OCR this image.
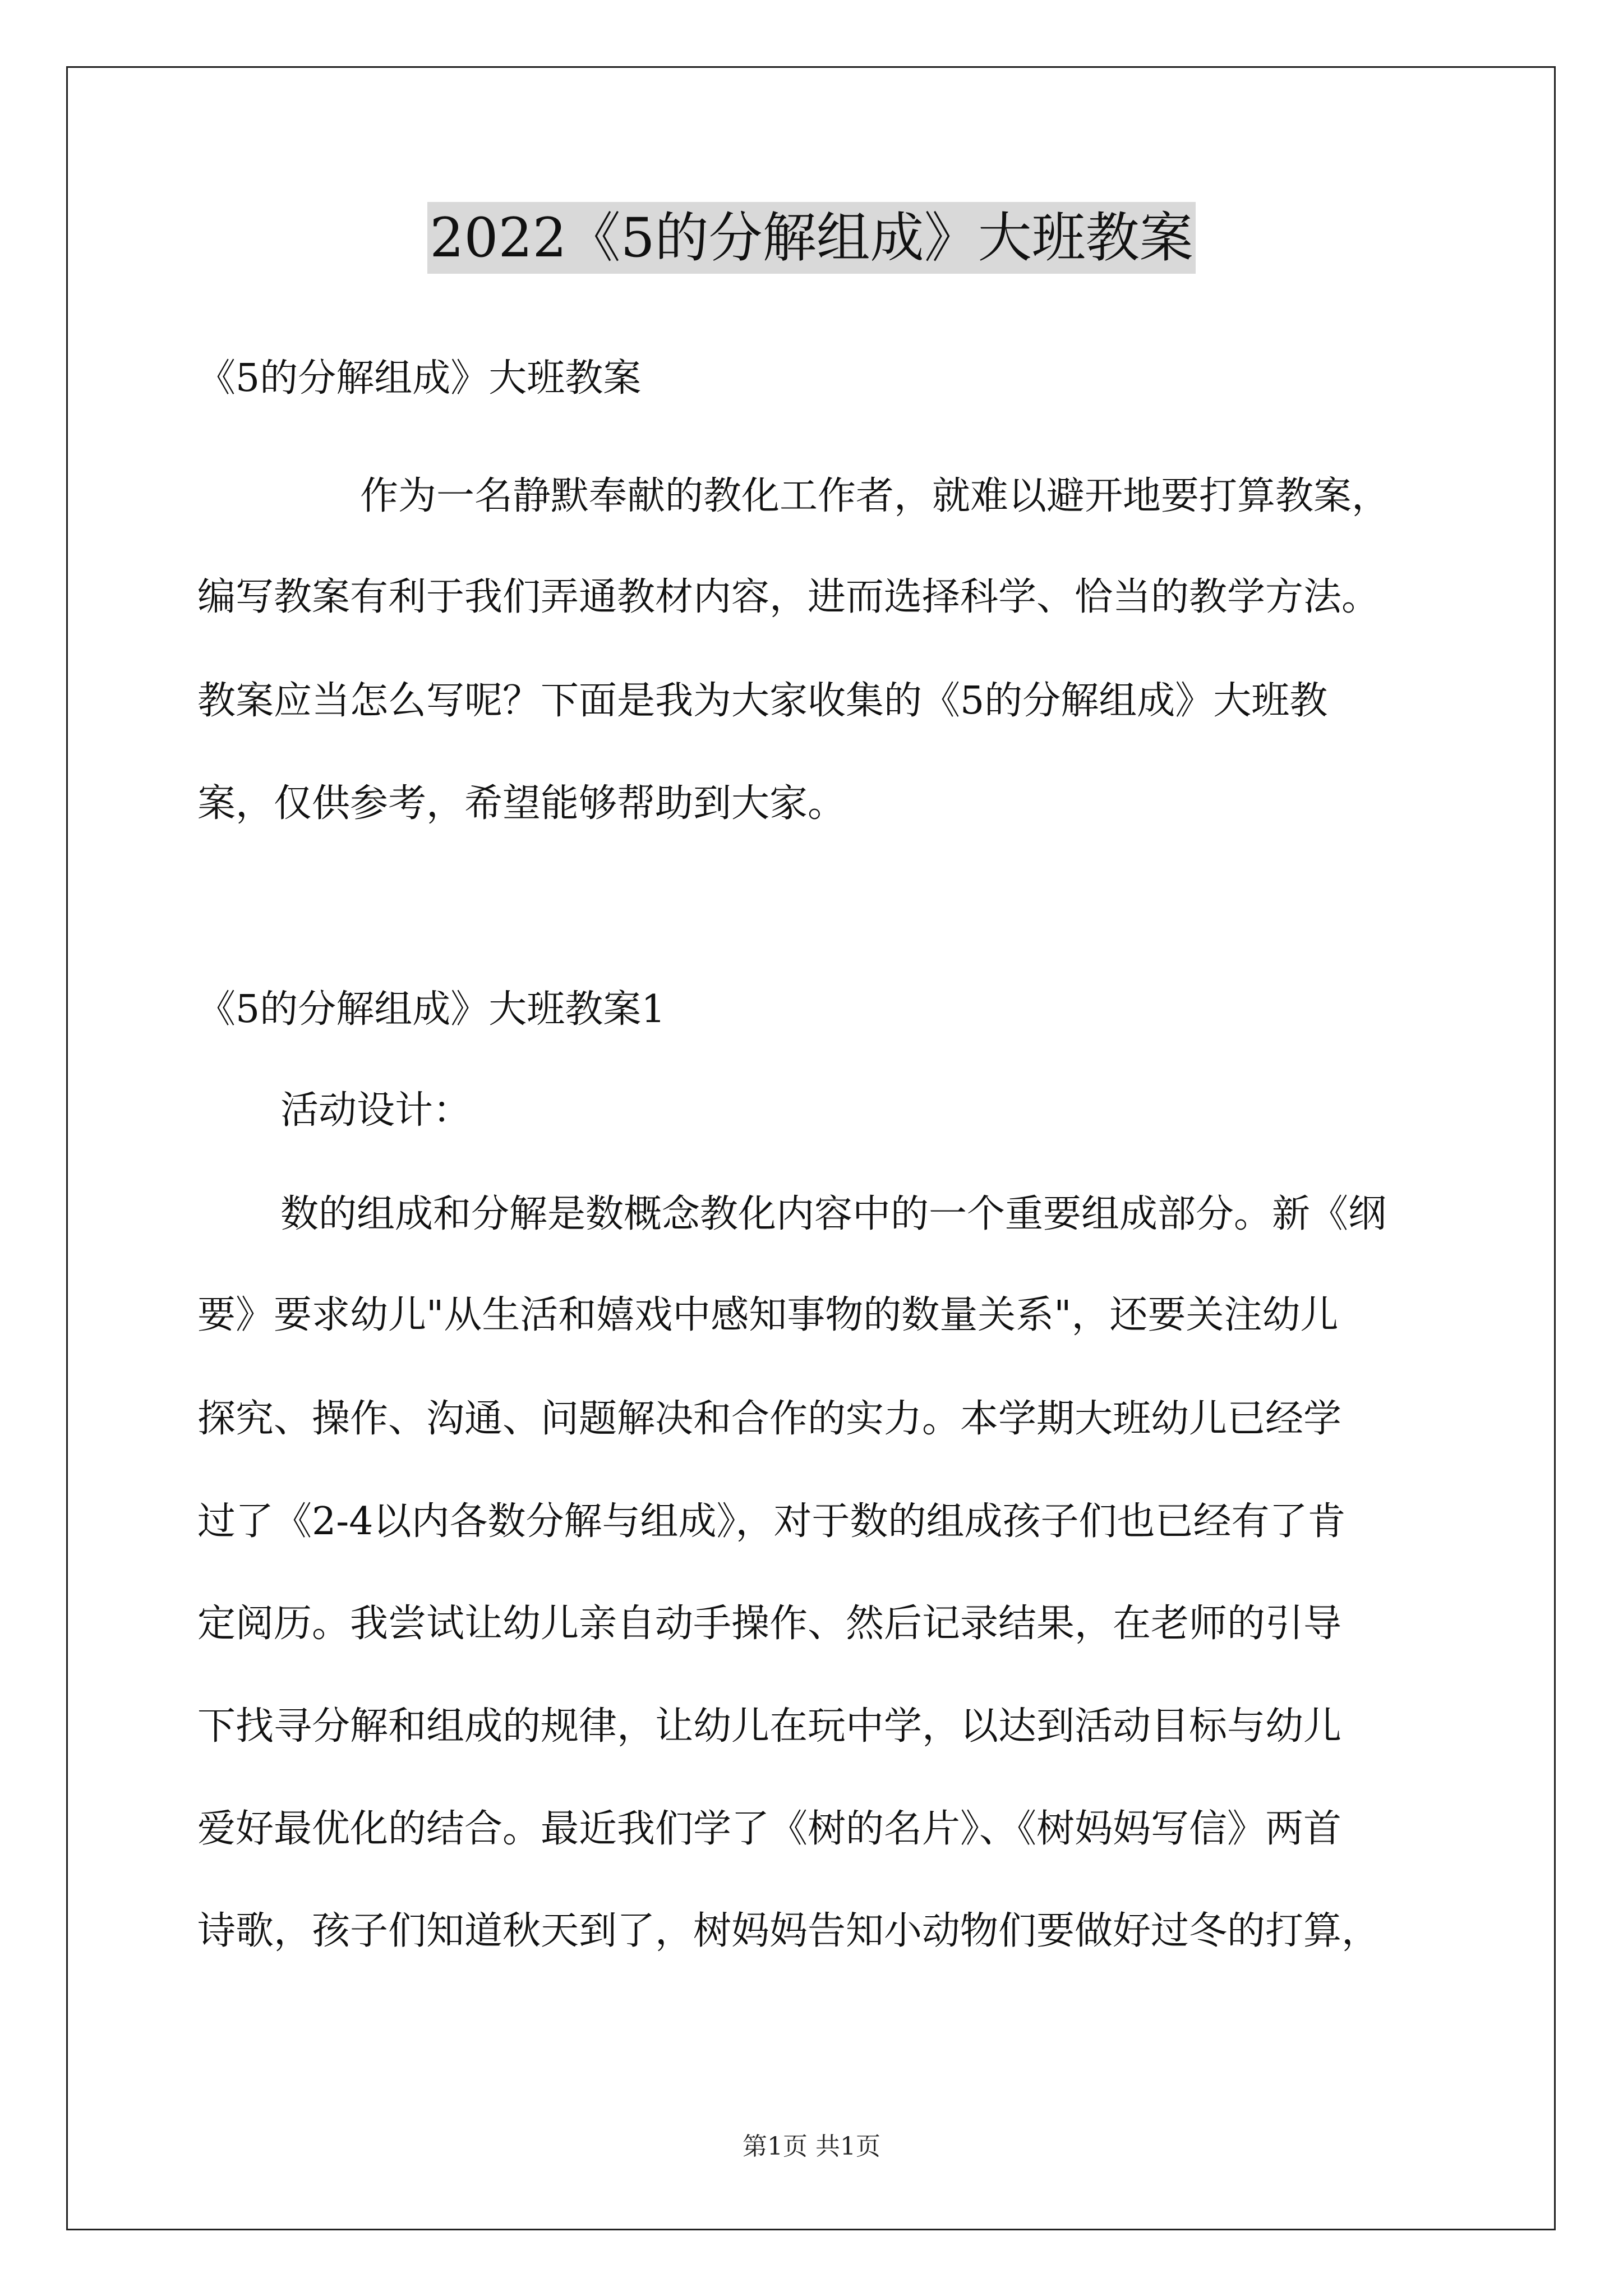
2022《5的分解组成》大班教案
《5的分解组成》大班教案
作为一名静默奉献的教化工作者，就难以避开地要打算教案，
编写教案有利于我们弄通教材内容，进而选择科学、恰当的教学方法。
教案应当怎么写呢？下面是我为大家收集的《5的分解组成》大班教
案，仅供参考，希望能够帮助到大家。
《5的分解组成》大班教案1
活动设计：
数的组成和分解是数概念教化内容中的一个重要组成部分。新《纲
要》要求幼儿"从生活和嬉戏中感知事物的数量关系"，还要关注幼儿
探究、操作、沟通、问题解决和合作的实力。本学期大班幼儿已经学
过了《2-4以内各数分解与组成》，对于数的组成孩子们也已经有了肯
定阅历。我尝试让幼儿亲自动手操作、然后记录结果，在老师的引导
下找寻分解和组成的规律，让幼儿在玩中学，以达到活动目标与幼儿
爱好最优化的结合。最近我们学了《树的名片》、《树妈妈写信》两首
诗歌，孩子们知道秋天到了，树妈妈告知小动物们要做好过冬的打算，
第1页 共1页
